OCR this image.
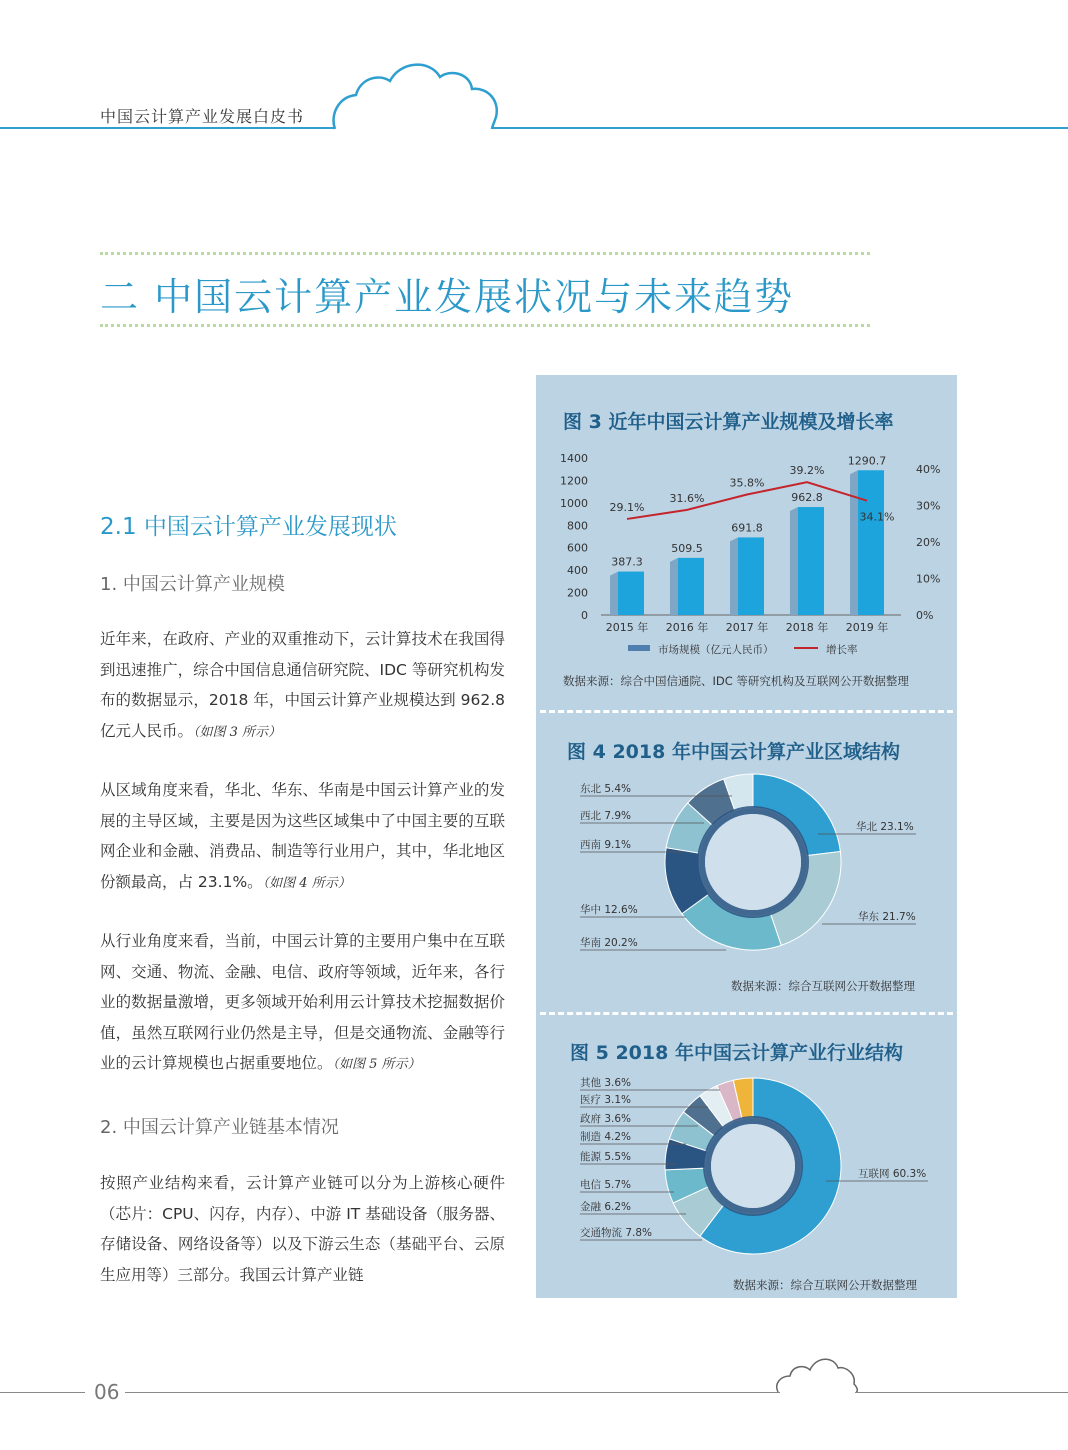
中国云计算产业发展白皮书
二 中国云计算产业发展状况与未来趋势
2.1 中国云计算产业发展现状
1. 中国云计算产业规模
近年来，在政府、产业的双重推动下，云计算技术在我国得到迅速推广，综合中国信息通信研究院、IDC 等研究机构发布的数据显示，2018 年，中国云计算产业规模达到 962.8 亿元人民币。（如图 3 所示）
从区域角度来看，华北、华东、华南是中国云计算产业的发展的主导区域，主要是因为这些区域集中了中国主要的互联网企业和金融、消费品、制造等行业用户，其中，华北地区份额最高，占 23.1%。（如图 4 所示）
从行业角度来看，当前，中国云计算的主要用户集中在互联网、交通、物流、金融、电信、政府等领域，近年来，各行业的数据量激增，更多领域开始利用云计算技术挖掘数据价值，虽然互联网行业仍然是主导，但是交通物流、金融等行业的云计算规模也占据重要地位。（如图 5 所示）
2. 中国云计算产业链基本情况
按照产业结构来看，云计算产业链可以分为上游核心硬件（芯片：CPU、闪存，内存）、中游 IT 基础设备（服务器、存储设备、网络设备等）以及下游云生态（基础平台、云原生应用等）三部分。我国云计算产业链
图 3 近年中国云计算产业规模及增长率
0
200
400
600
800
1000
1200
1400
0%
10%
20%
30%
40%
387.3
509.5
691.8
962.8
1290.7
29.1%
31.6%
35.8%
39.2%
34.1%
2015 年 2016 年 2017 年 2018 年 2019 年
市场规模（亿元人民币）	增长率
数据来源：综合中国信通院、IDC 等研究机构及互联网公开数据整理
图 4 2018 年中国云计算产业区域结构
华北 23.1%
华东 21.7%
华南 20.2%
华中 12.6%
西南 9.1%
西北 7.9%
东北 5.4%
数据来源：综合互联网公开数据整理
图 5 2018 年中国云计算产业行业结构
互联网 60.3%
交通物流 7.8%
金融 6.2%
电信 5.7%
能源 5.5%
制造 4.2%
政府 3.6%
医疗 3.1%
其他 3.6%
数据来源：综合互联网公开数据整理
06
